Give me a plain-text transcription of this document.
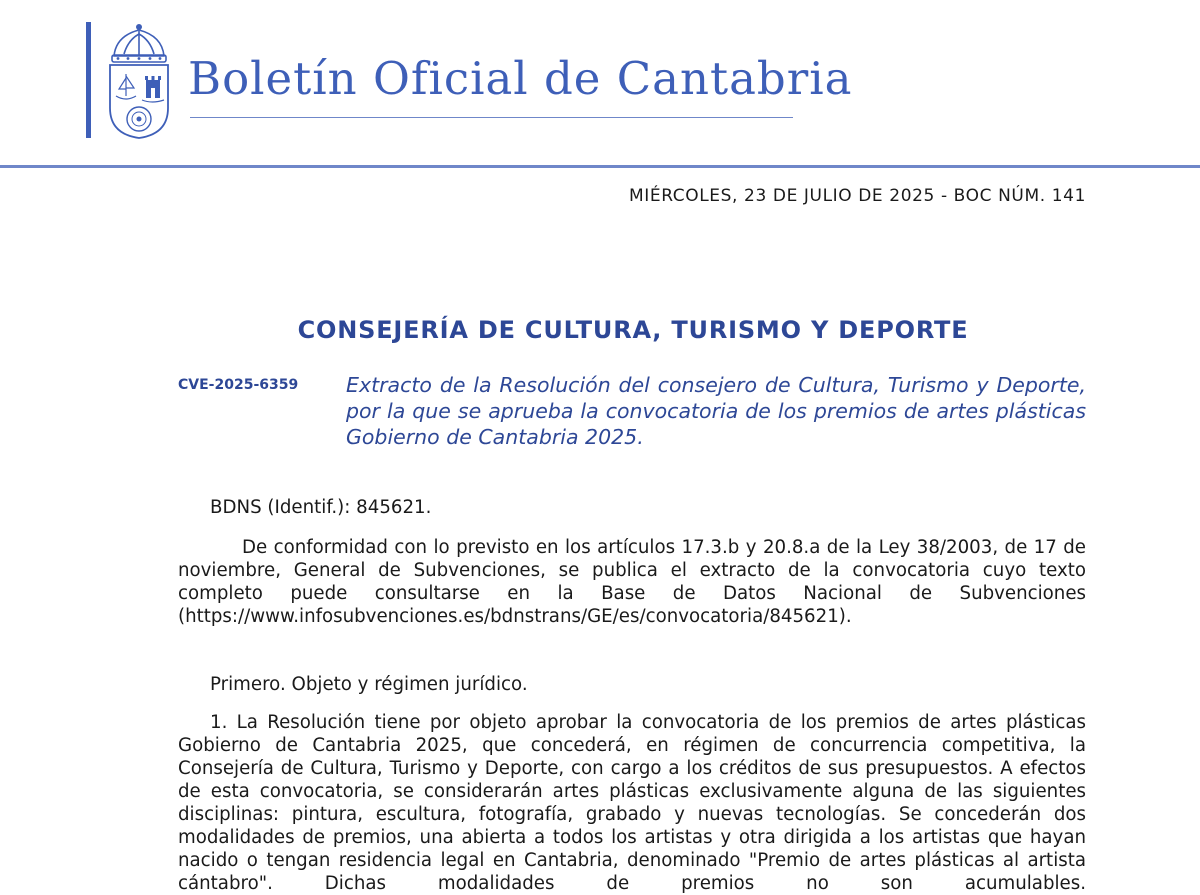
Boletín Oficial de Cantabria
MIÉRCOLES, 23 DE JULIO DE 2025 - BOC NÚM. 141
CONSEJERÍA DE CULTURA, TURISMO Y DEPORTE
CVE-2025-6359 Extracto de la Resolución del consejero de Cultura, Turismo y Deporte, por la que se aprueba la convocatoria de los premios de artes plásticas Gobierno de Cantabria 2025.
BDNS (Identif.): 845621.
De conformidad con lo previsto en los artículos 17.3.b y 20.8.a de la Ley 38/2003, de 17 de noviembre, General de Subvenciones, se publica el extracto de la convocatoria cuyo texto completo puede consultarse en la Base de Datos Nacional de Subvenciones (https://www.infosubvenciones.es/bdnstrans/GE/es/convocatoria/845621).
Primero. Objeto y régimen jurídico.
1. La Resolución tiene por objeto aprobar la convocatoria de los premios de artes plásticas Gobierno de Cantabria 2025, que concederá, en régimen de concurrencia competitiva, la Consejería de Cultura, Turismo y Deporte, con cargo a los créditos de sus presupuestos. A efectos de esta convocatoria, se considerarán artes plásticas exclusivamente alguna de las siguientes disciplinas: pintura, escultura, fotografía, grabado y nuevas tecnologías. Se concederán dos modalidades de premios, una abierta a todos los artistas y otra dirigida a los artistas que hayan nacido o tengan residencia legal en Cantabria, denominado "Premio de artes plásticas al artista cántabro". Dichas modalidades de premios no son acumulables.
